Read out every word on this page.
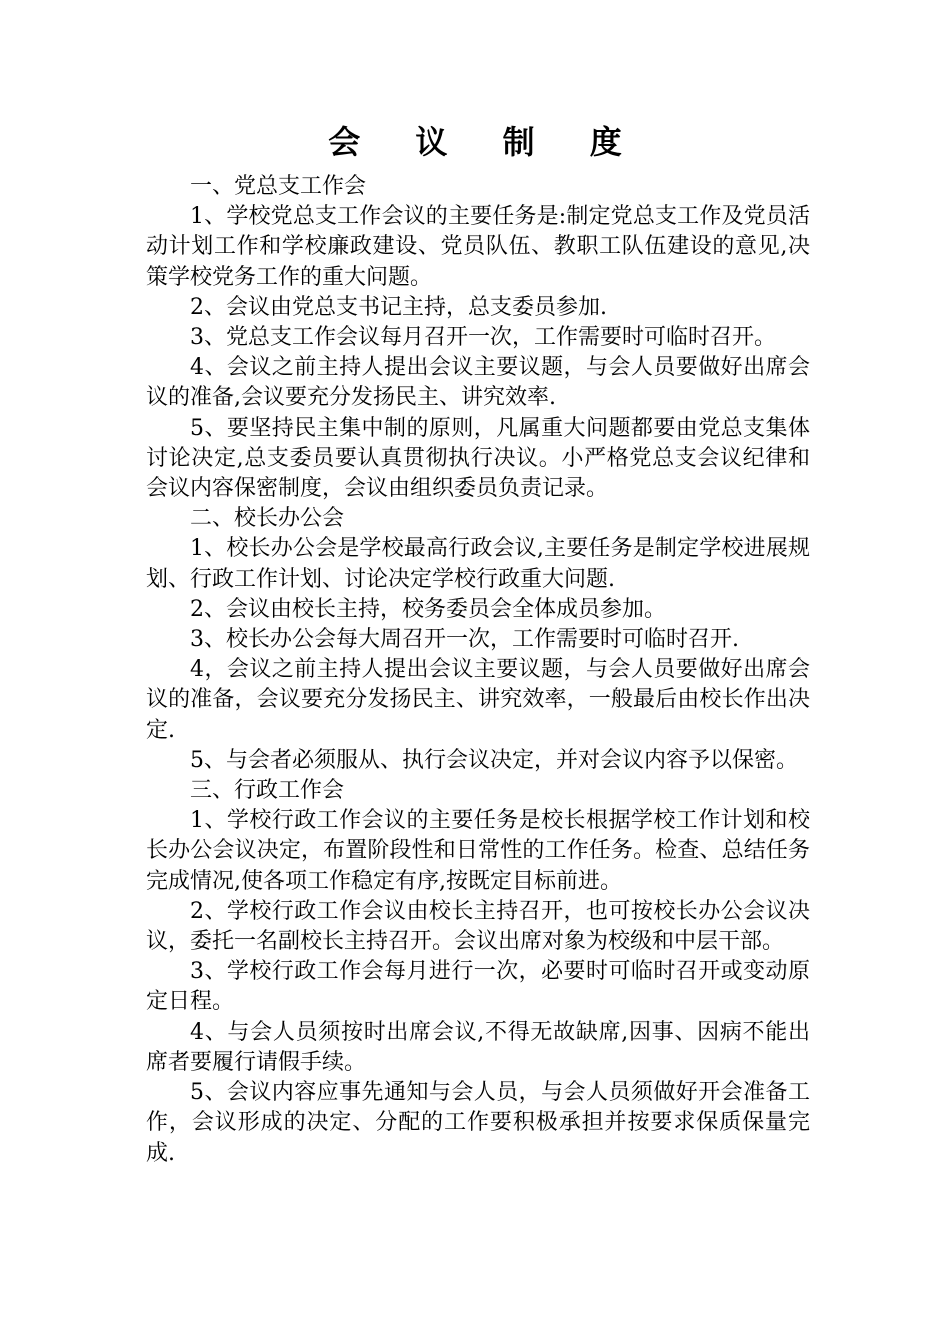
会 议 制 度

一、党总支工作会

1、学校党总支工作会议的主要任务是:制定党总支工作及党员活动计划工作和学校廉政建设、党员队伍、教职工队伍建设的意见,决策学校党务工作的重大问题。

2、会议由党总支书记主持，总支委员参加.

3、党总支工作会议每月召开一次，工作需要时可临时召开。

4、会议之前主持人提出会议主要议题，与会人员要做好出席会议的准备,会议要充分发扬民主、讲究效率.

5、要坚持民主集中制的原则，凡属重大问题都要由党总支集体讨论决定,总支委员要认真贯彻执行决议。小严格党总支会议纪律和会议内容保密制度，会议由组织委员负责记录。

二、校长办公会

1、校长办公会是学校最高行政会议,主要任务是制定学校进展规划、行政工作计划、讨论决定学校行政重大问题.

2、会议由校长主持，校务委员会全体成员参加。

3、校长办公会每大周召开一次，工作需要时可临时召开.

4，会议之前主持人提出会议主要议题，与会人员要做好出席会议的准备，会议要充分发扬民主、讲究效率，一般最后由校长作出决定.

5、与会者必须服从、执行会议决定，并对会议内容予以保密。

三、行政工作会

1、学校行政工作会议的主要任务是校长根据学校工作计划和校长办公会议决定，布置阶段性和日常性的工作任务。检查、总结任务完成情况,使各项工作稳定有序,按既定目标前进。

2、学校行政工作会议由校长主持召开，也可按校长办公会议决议，委托一名副校长主持召开。会议出席对象为校级和中层干部。

3、学校行政工作会每月进行一次，必要时可临时召开或变动原定日程。

4、与会人员须按时出席会议,不得无故缺席,因事、因病不能出席者要履行请假手续。

5、会议内容应事先通知与会人员，与会人员须做好开会准备工作，会议形成的决定、分配的工作要积极承担并按要求保质保量完成.
